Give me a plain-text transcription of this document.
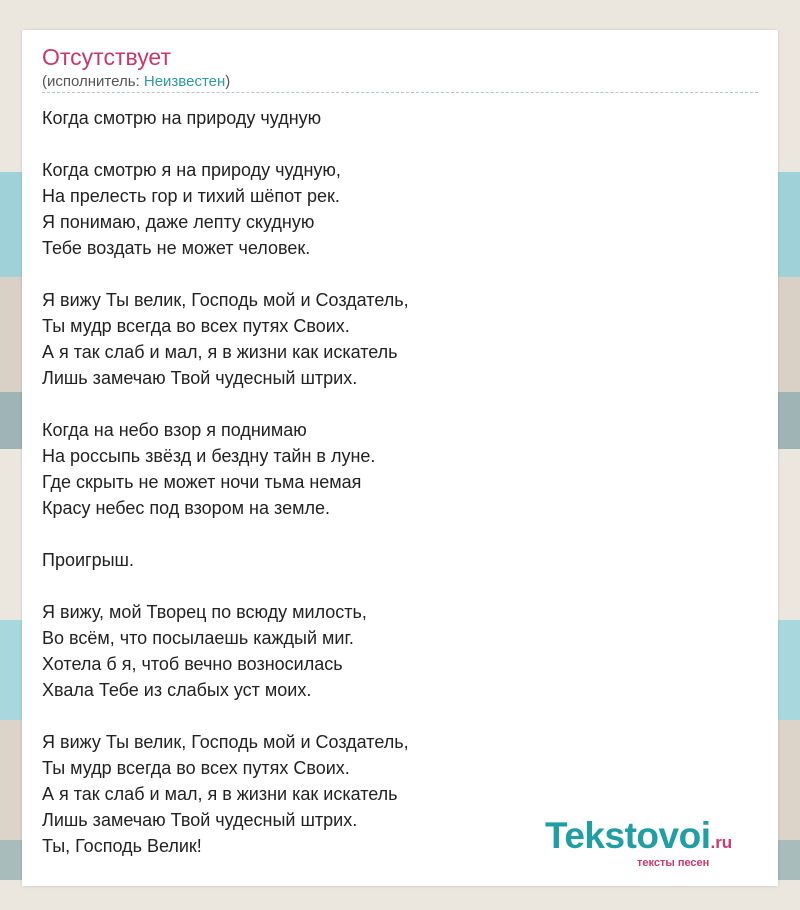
Отсутствует
(исполнитель: Неизвестен)
Когда смотрю на природу чудную
Когда смотрю я на природу чудную,
На прелесть гор и тихий шёпот рек.
Я понимаю, даже лепту скудную
Тебе воздать не может человек.
Я вижу Ты велик, Господь мой и Создатель,
Ты мудр всегда во всех путях Своих.
А я так слаб и мал, я в жизни как искатель
Лишь замечаю Твой чудесный штрих.
Когда на небо взор я поднимаю
На россыпь звёзд и бездну тайн в луне.
Где скрыть не может ночи тьма немая
Красу небес под взором на земле.
Проигрыш.
Я вижу, мой Творец по всюду милость,
Во всём, что посылаешь каждый миг.
Хотела б я, чтоб вечно возносилась
Хвала Тебе из слабых уст моих.
Я вижу Ты велик, Господь мой и Создатель,
Ты мудр всегда во всех путях Своих.
А я так слаб и мал, я в жизни как искатель
Лишь замечаю Твой чудесный штрих.
Ты, Господь Велик!	Tekstovoi.ru
тексты песен
